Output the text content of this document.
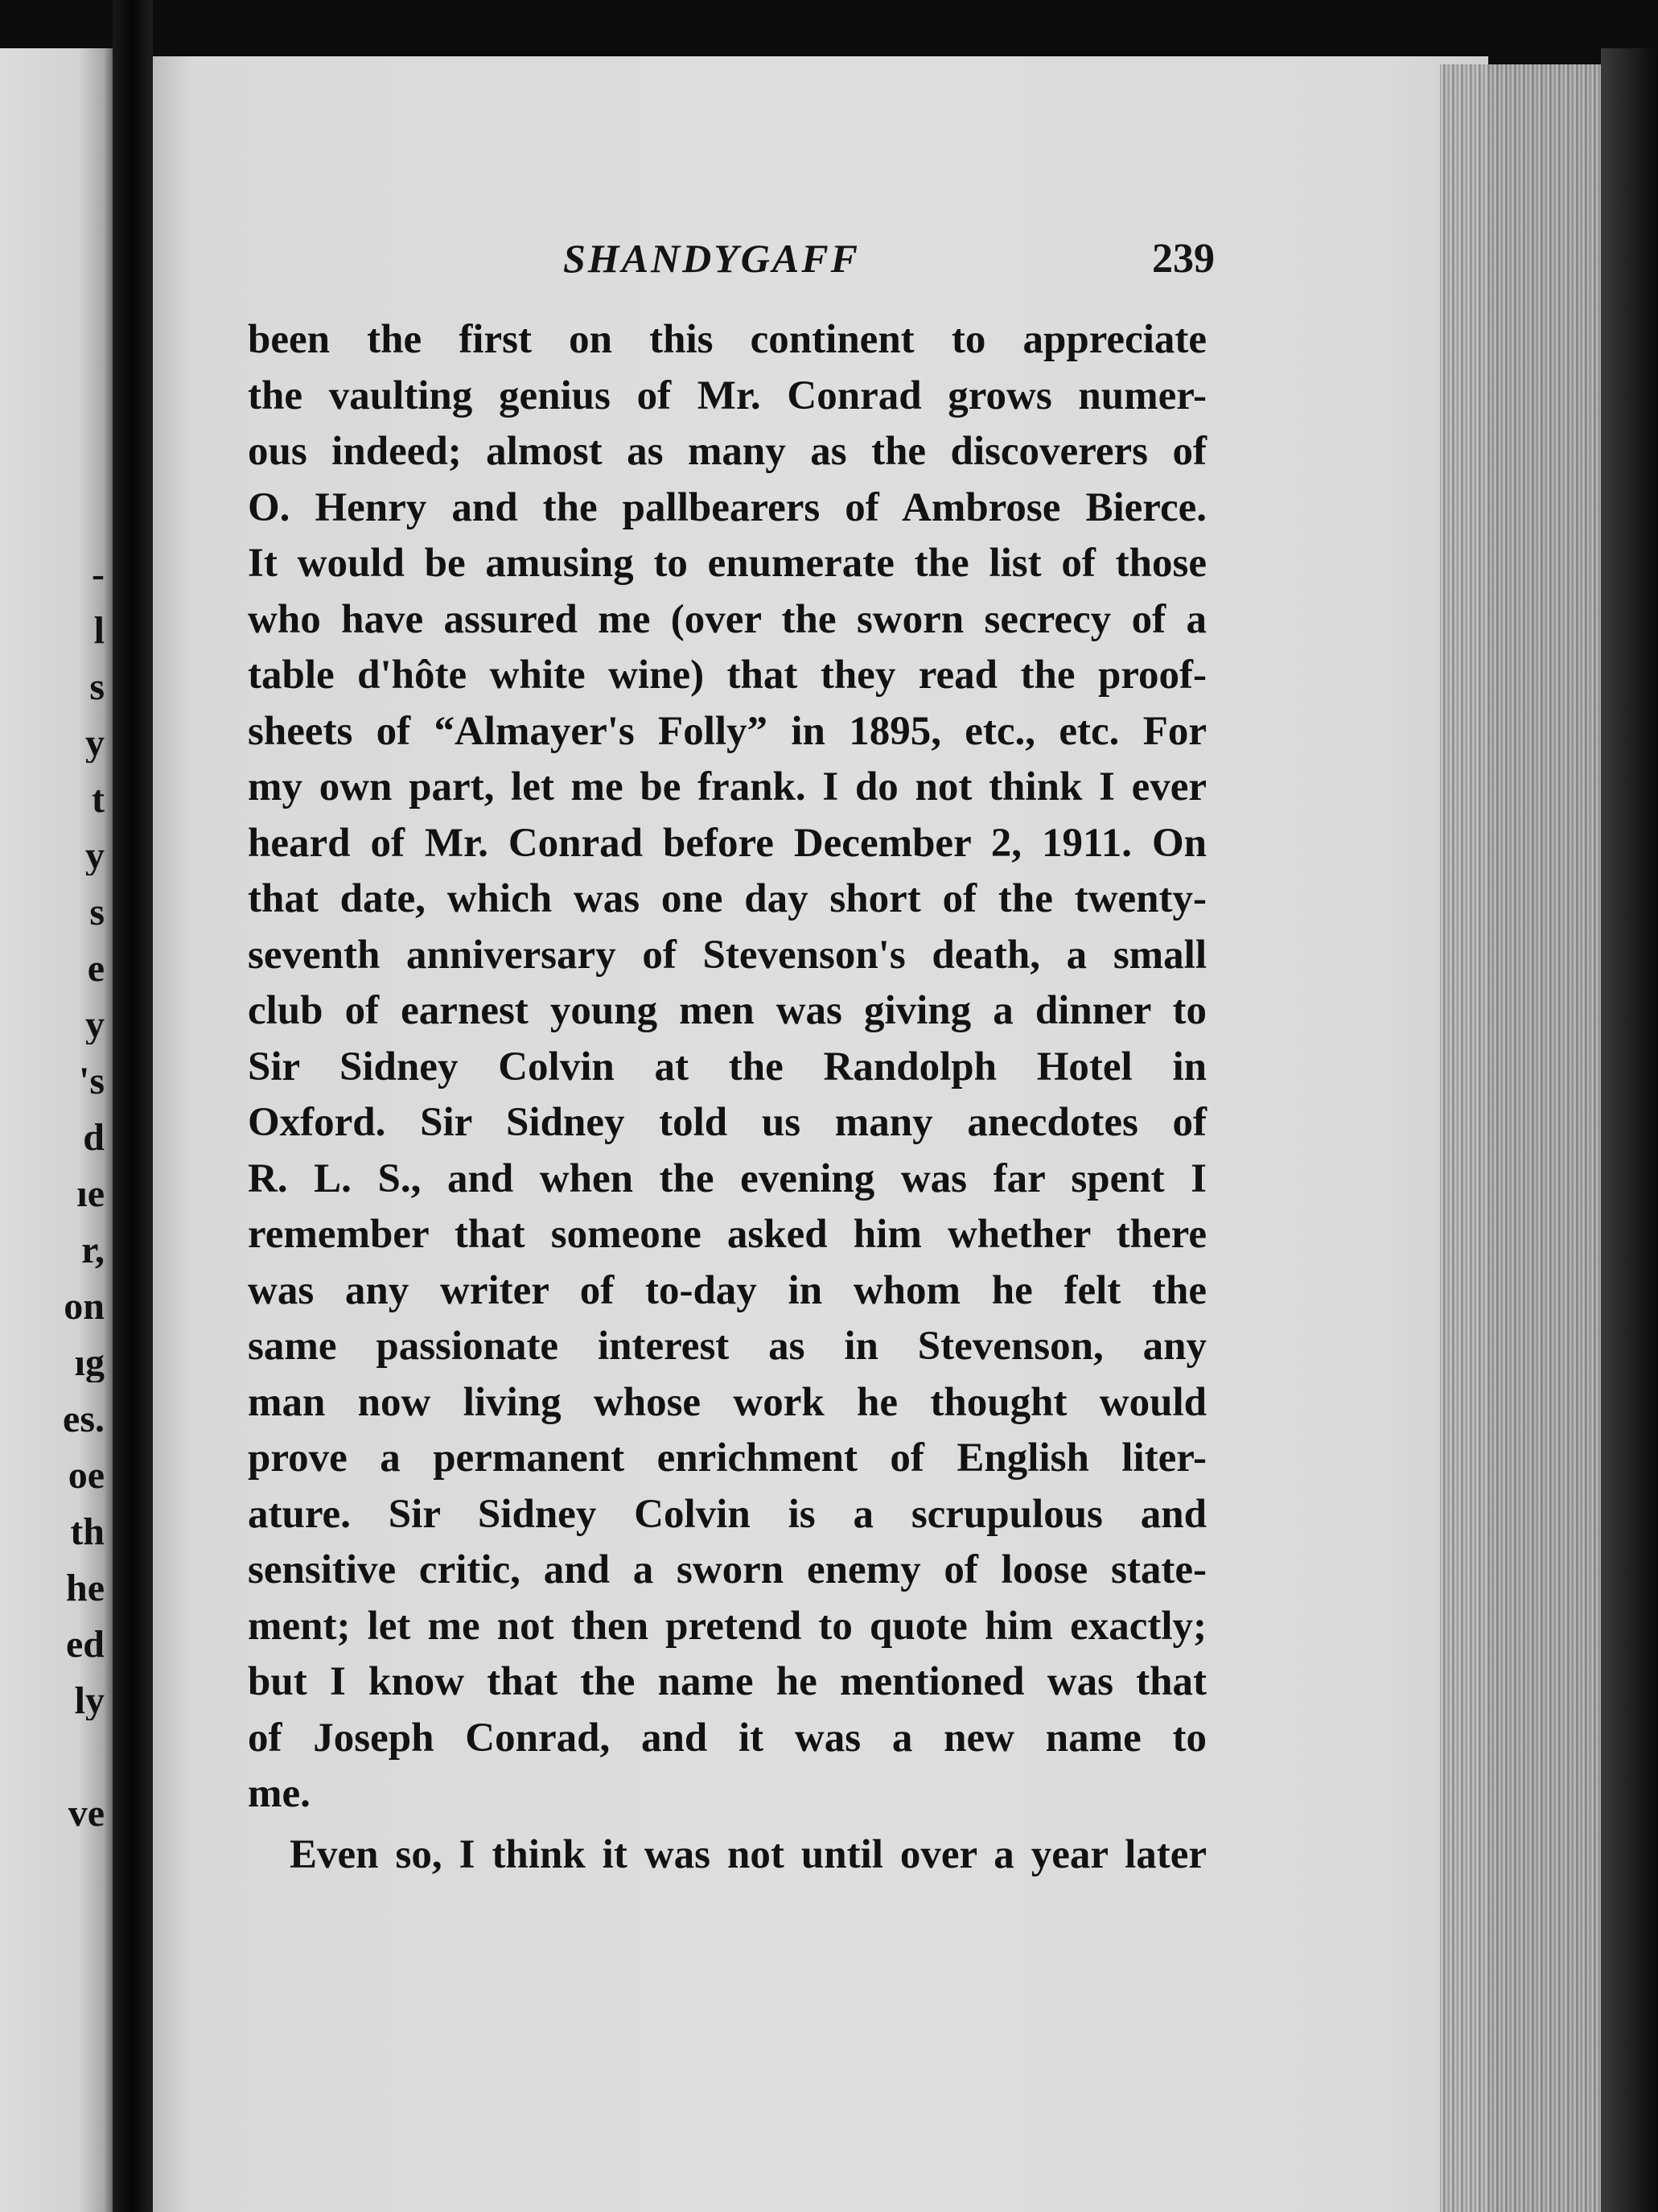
-
l
s
y
t
y
s
e
y
's
d
ıe
r,
on
ıg
es.
oe
th
he
ed
ly
ve
SHANDYGAFF	239
been the first on this continent to appreciate
the vaulting genius of Mr. Conrad grows numer-
ous indeed; almost as many as the discoverers of
O. Henry and the pallbearers of Ambrose Bierce.
It would be amusing to enumerate the list of those
who have assured me (over the sworn secrecy of a
table d'hôte white wine) that they read the proof-
sheets of “Almayer's Folly” in 1895, etc., etc. For
my own part, let me be frank. I do not think I ever
heard of Mr. Conrad before December 2, 1911. On
that date, which was one day short of the twenty-
seventh anniversary of Stevenson's death, a small
club of earnest young men was giving a dinner to
Sir Sidney Colvin at the Randolph Hotel in
Oxford. Sir Sidney told us many anecdotes of
R. L. S., and when the evening was far spent I
remember that someone asked him whether there
was any writer of to-day in whom he felt the
same passionate interest as in Stevenson, any
man now living whose work he thought would
prove a permanent enrichment of English liter-
ature. Sir Sidney Colvin is a scrupulous and
sensitive critic, and a sworn enemy of loose state-
ment; let me not then pretend to quote him exactly;
but I know that the name he mentioned was that
of Joseph Conrad, and it was a new name to
me.
Even so, I think it was not until over a year later
